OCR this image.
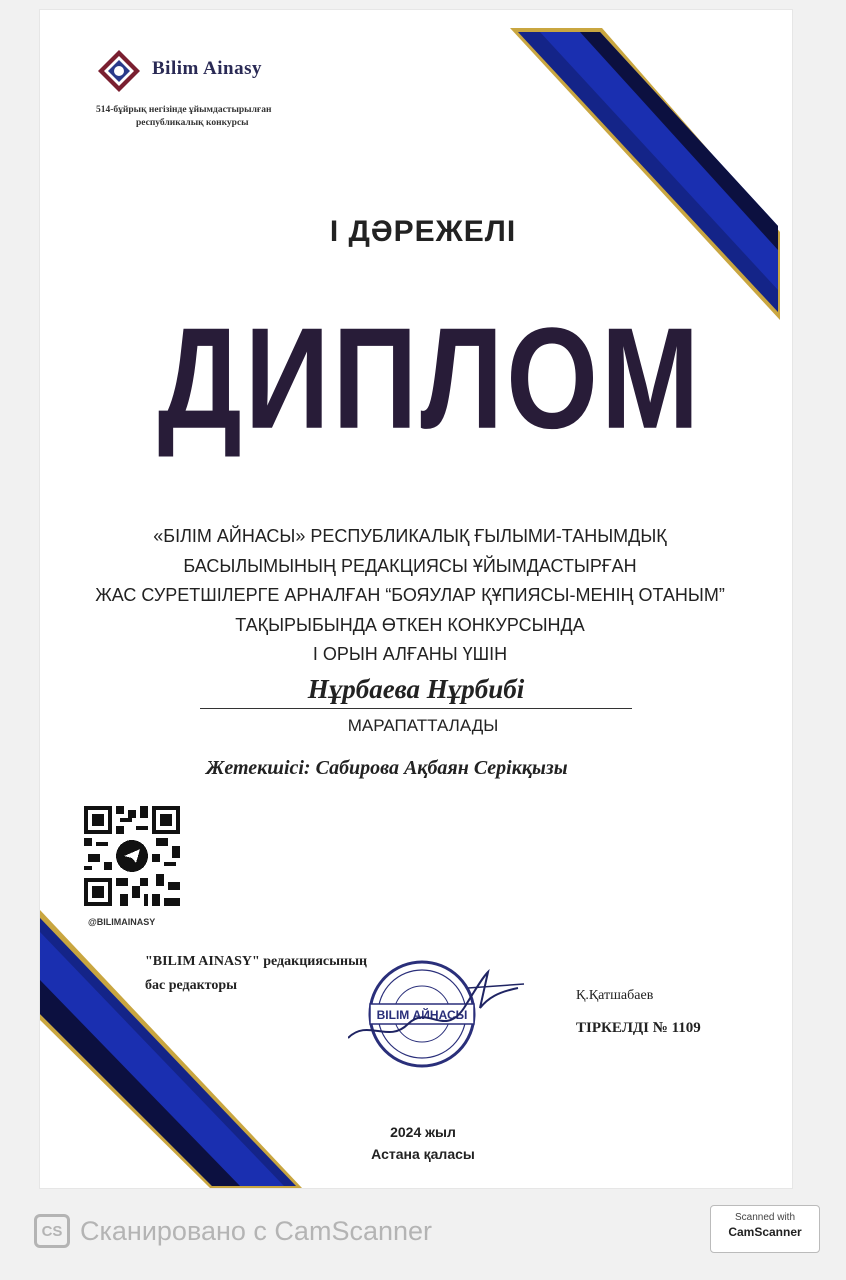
Bilim Ainasy
514-бұйрық негізінде ұйымдастырылған
республикалық конкурсы
І ДӘРЕЖЕЛІ
ДИПЛОМ
«БІЛІМ АЙНАСЫ» РЕСПУБЛИКАЛЫҚ ҒЫЛЫМИ-ТАНЫМДЫҚ
БАСЫЛЫМЫНЫҢ РЕДАКЦИЯСЫ ҰЙЫМДАСТЫРҒАН
ЖАС СУРЕТШІЛЕРГЕ АРНАЛҒАН “БОЯУЛАР ҚҰПИЯСЫ-МЕНІҢ ОТАНЫМ”
ТАҚЫРЫБЫНДА ӨТКЕН КОНКУРСЫНДА
І ОРЫН АЛҒАНЫ ҮШІН
Нұрбаева Нұрбибі
МАРАПАТТАЛАДЫ
Жетекшісі: Сабирова Ақбаян Серікқызы
@BILIMAINASY
"BILIM AINASY" редакциясының
бас редакторы
BILIM АЙНАСЫ
Қ.Қатшабаев
ТІРКЕЛДІ № 1109
2024 жыл
Астана қаласы
CS Сканировано с CamScanner	Scanned with
CamScanner
